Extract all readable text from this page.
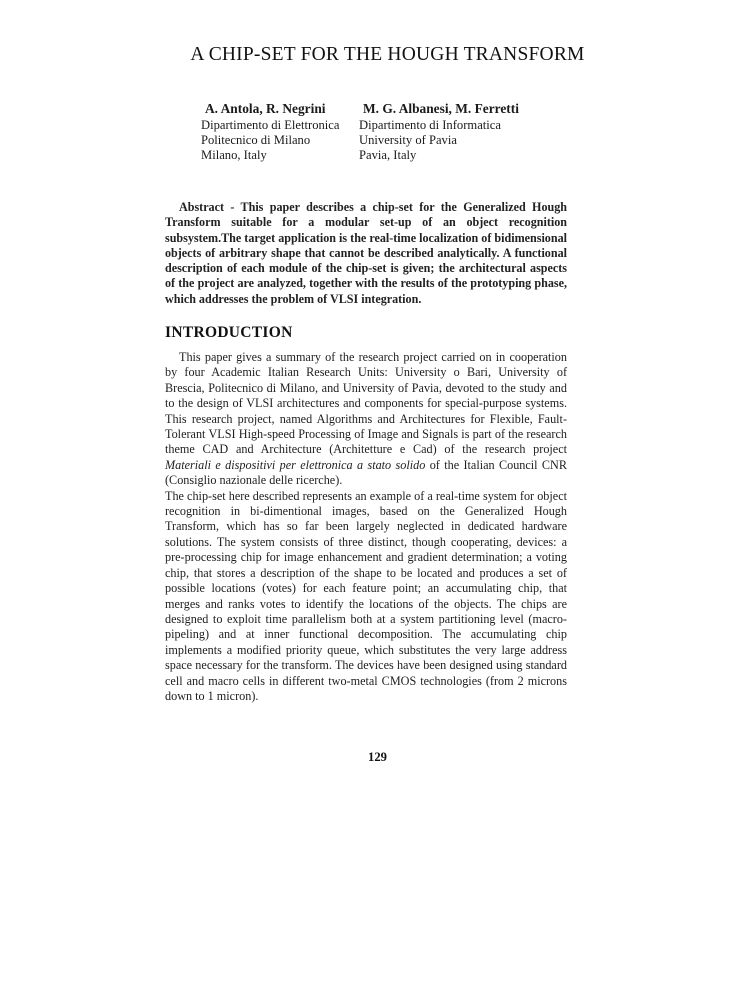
A CHIP-SET FOR THE HOUGH TRANSFORM
A. Antola, R. Negrini
Dipartimento di Elettronica
Politecnico di Milano
Milano, Italy
M. G. Albanesi, M. Ferretti
Dipartimento di Informatica
University of Pavia
Pavia, Italy
Abstract - This paper describes a chip-set for the Generalized Hough Transform suitable for a modular set-up of an object recognition subsystem.The target application is the real-time localization of bidimensional objects of arbitrary shape that cannot be described analytically. A functional description of each module of the chip-set is given; the architectural aspects of the project are analyzed, together with the results of the prototyping phase, which addresses the problem of VLSI integration.
INTRODUCTION

This paper gives a summary of the research project carried on in cooperation by four Academic Italian Research Units: University o Bari, University of Brescia, Politecnico di Milano, and University of Pavia, devoted to the study and to the design of VLSI architectures and components for special-purpose systems. This research project, named Algorithms and Architectures for Flexible, Fault-Tolerant VLSI High-speed Processing of Image and Signals is part of the research theme CAD and Architecture (Architetture e Cad) of the research project Materiali e dispositivi per elettronica a stato solido of the Italian Council CNR (Consiglio nazionale delle ricerche).

The chip-set here described represents an example of a real-time system for object recognition in bi-dimentional images, based on the Generalized Hough Transform, which has so far been largely neglected in dedicated hardware solutions. The system consists of three distinct, though cooperating, devices: a pre-processing chip for image enhancement and gradient determination; a voting chip, that stores a description of the shape to be located and produces a set of possible locations (votes) for each feature point; an accumulating chip, that merges and ranks votes to identify the locations of the objects. The chips are designed to exploit time parallelism both at a system partitioning level (macro-pipeling) and at inner functional decomposition. The accumulating chip implements a modified priority queue, which substitutes the very large address space necessary for the transform. The devices have been designed using standard cell and macro cells in different two-metal CMOS technologies (from 2 microns down to 1 micron).

129
